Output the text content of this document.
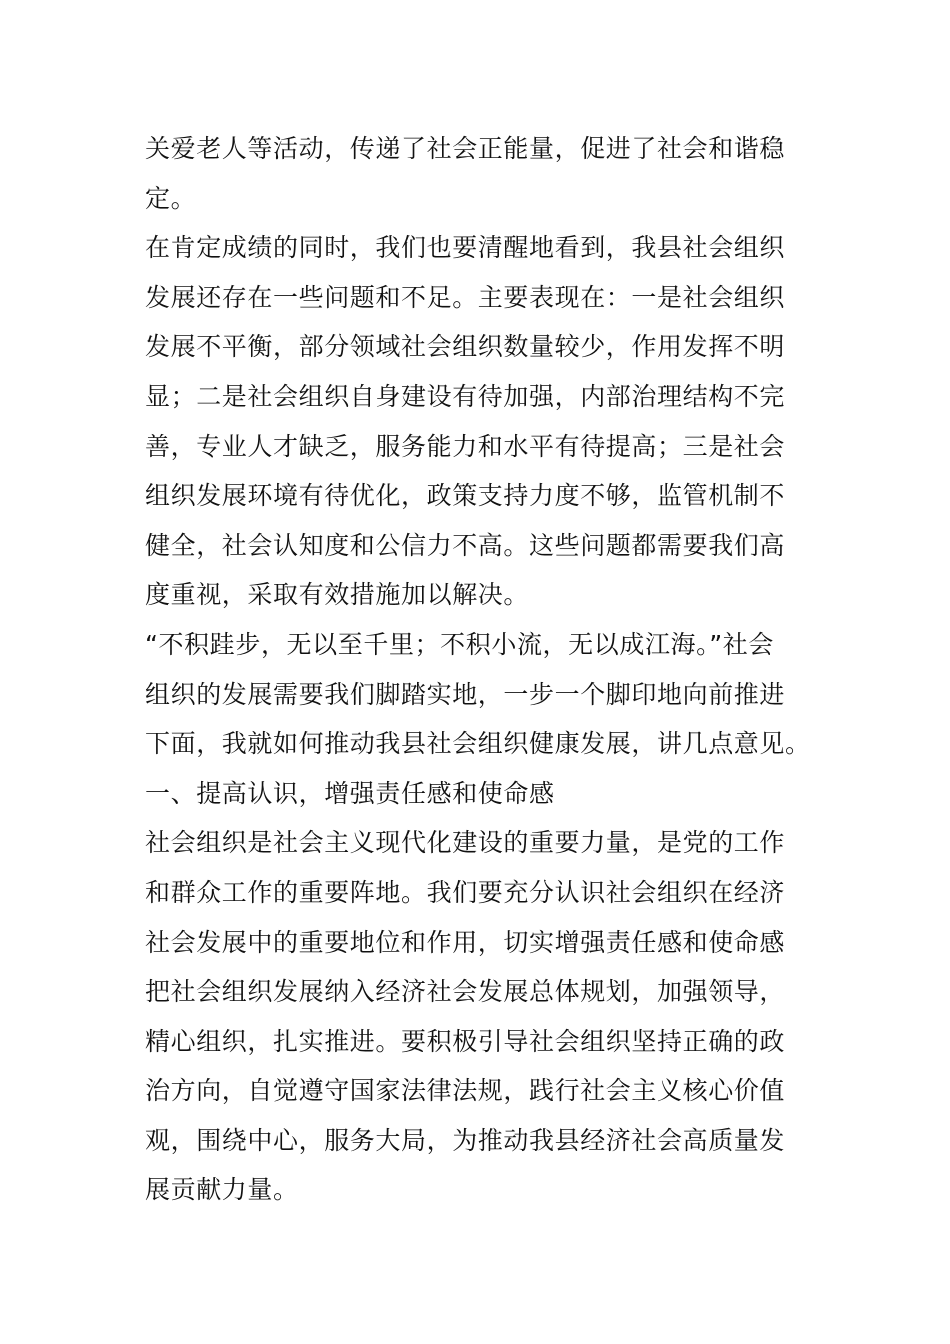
关爱老人等活动，传递了社会正能量，促进了社会和谐稳
定。
在肯定成绩的同时，我们也要清醒地看到，我县社会组织
发展还存在一些问题和不足。主要表现在：一是社会组织
发展不平衡，部分领域社会组织数量较少，作用发挥不明
显；二是社会组织自身建设有待加强，内部治理结构不完
善，专业人才缺乏，服务能力和水平有待提高；三是社会
组织发展环境有待优化，政策支持力度不够，监管机制不
健全，社会认知度和公信力不高。这些问题都需要我们高
度重视，采取有效措施加以解决。
“不积跬步，无以至千里；不积小流，无以成江海。”社会
组织的发展需要我们脚踏实地，一步一个脚印地向前推进
下面，我就如何推动我县社会组织健康发展，讲几点意见。
一、提高认识，增强责任感和使命感
社会组织是社会主义现代化建设的重要力量，是党的工作
和群众工作的重要阵地。我们要充分认识社会组织在经济
社会发展中的重要地位和作用，切实增强责任感和使命感
把社会组织发展纳入经济社会发展总体规划，加强领导，
精心组织，扎实推进。要积极引导社会组织坚持正确的政
治方向，自觉遵守国家法律法规，践行社会主义核心价值
观，围绕中心，服务大局，为推动我县经济社会高质量发
展贡献力量。
